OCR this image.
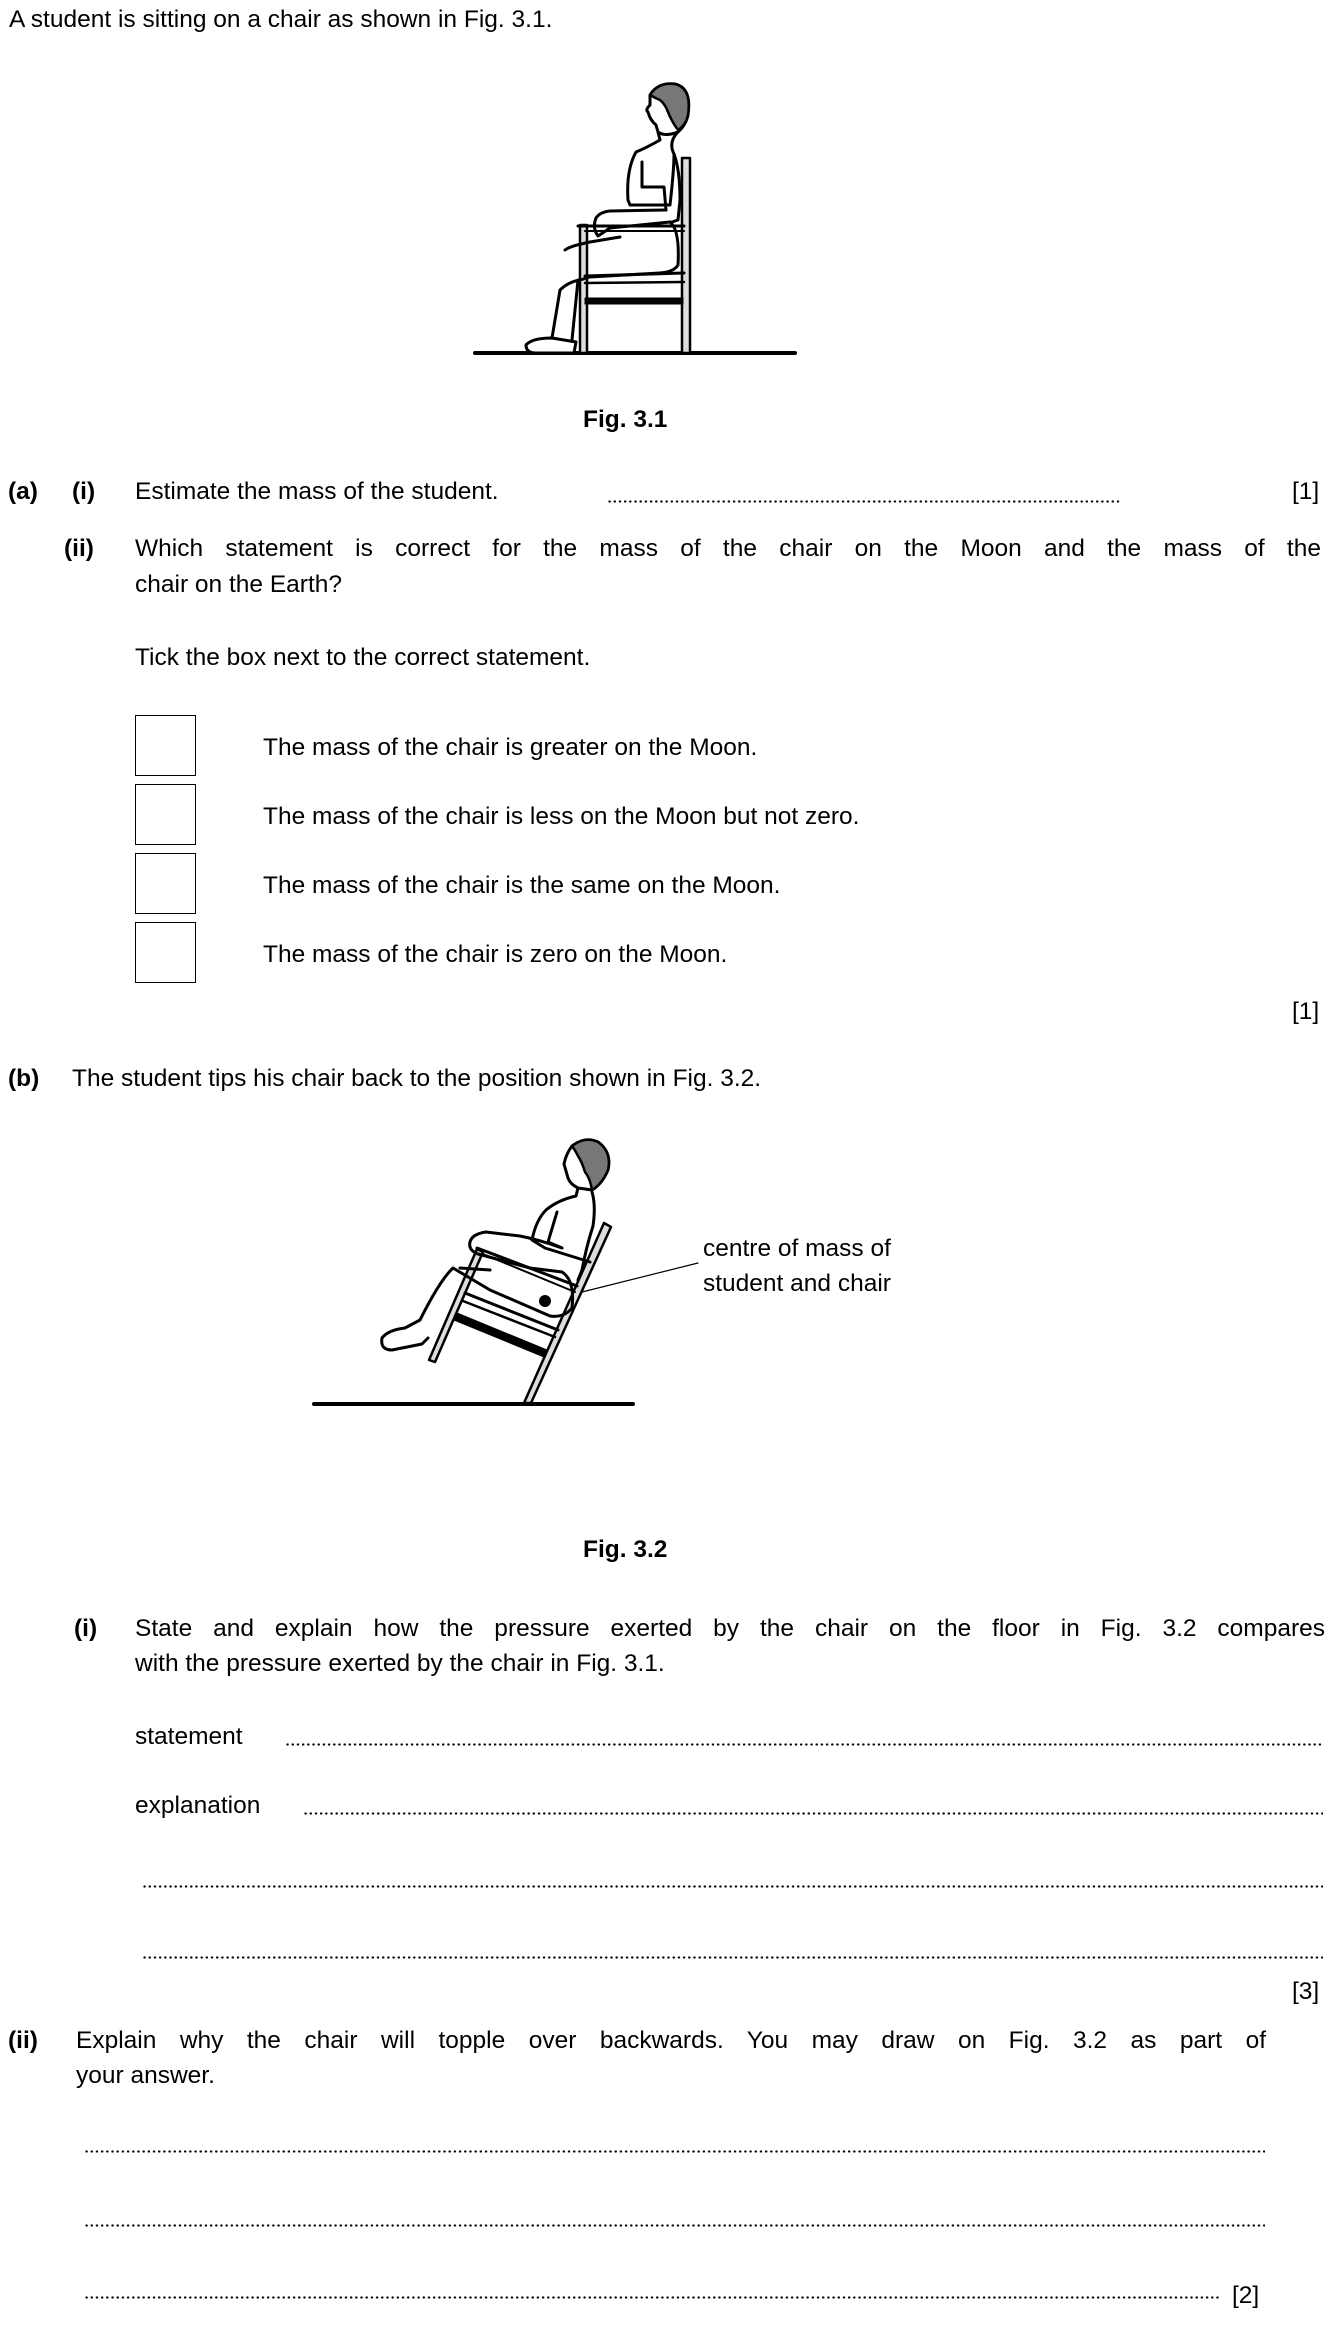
A student is sitting on a chair as shown in Fig. 3.1.
Fig. 3.1
(a) (i) Estimate the mass of the student.	[1]
(ii) Which statement is correct for the mass of the chair on the Moon and the mass of the
chair on the Earth?
Tick the box next to the correct statement.
The mass of the chair is greater on the Moon.
The mass of the chair is less on the Moon but not zero.
The mass of the chair is the same on the Moon.
The mass of the chair is zero on the Moon.
[1]
(b) The student tips his chair back to the position shown in Fig. 3.2.
centre of mass of
student and chair
Fig. 3.2
(i) State and explain how the pressure exerted by the chair on the floor in Fig. 3.2 compares
with the pressure exerted by the chair in Fig. 3.1.
statement
explanation
[3]
(ii) Explain why the chair will topple over backwards. You may draw on Fig. 3.2 as part of
your answer.
[2]
